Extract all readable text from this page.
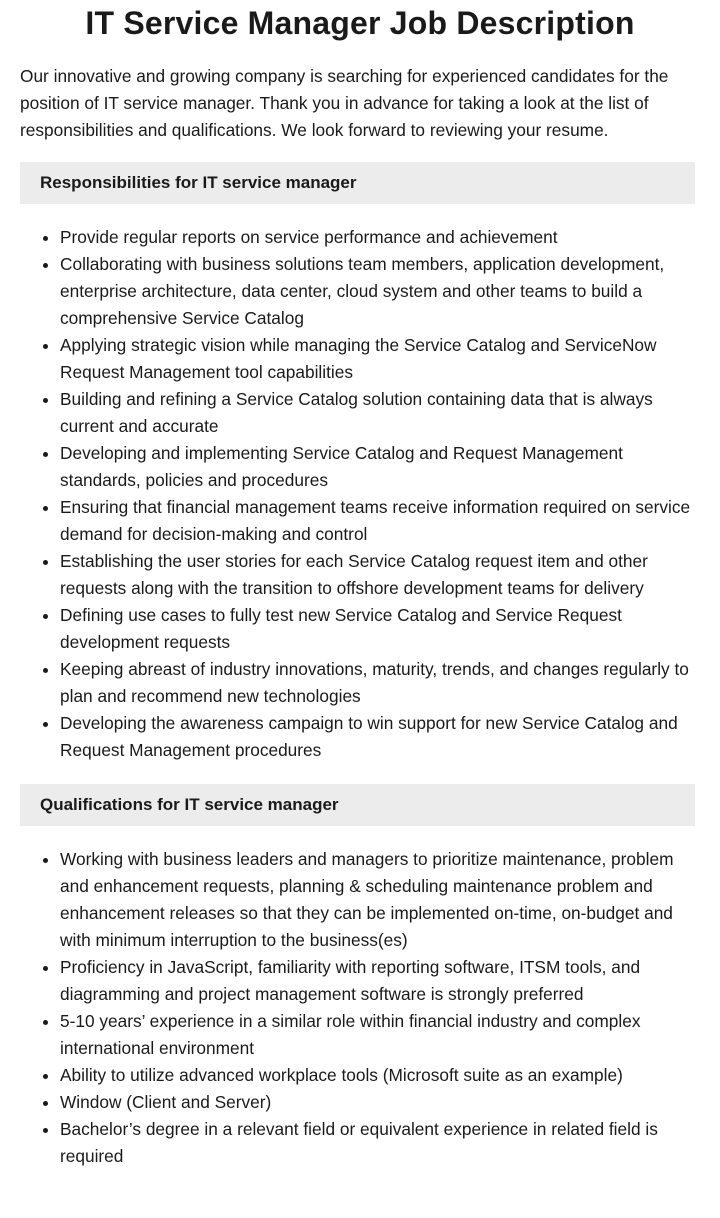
IT Service Manager Job Description

Our innovative and growing company is searching for experienced candidates for the position of IT service manager. Thank you in advance for taking a look at the list of responsibilities and qualifications. We look forward to reviewing your resume.

Responsibilities for IT service manager
• Provide regular reports on service performance and achievement
• Collaborating with business solutions team members, application development, enterprise architecture, data center, cloud system and other teams to build a comprehensive Service Catalog
• Applying strategic vision while managing the Service Catalog and ServiceNow Request Management tool capabilities
• Building and refining a Service Catalog solution containing data that is always current and accurate
• Developing and implementing Service Catalog and Request Management standards, policies and procedures
• Ensuring that financial management teams receive information required on service demand for decision-making and control
• Establishing the user stories for each Service Catalog request item and other requests along with the transition to offshore development teams for delivery
• Defining use cases to fully test new Service Catalog and Service Request development requests
• Keeping abreast of industry innovations, maturity, trends, and changes regularly to plan and recommend new technologies
• Developing the awareness campaign to win support for new Service Catalog and Request Management procedures
Qualifications for IT service manager
• Working with business leaders and managers to prioritize maintenance, problem and enhancement requests, planning & scheduling maintenance problem and enhancement releases so that they can be implemented on-time, on-budget and with minimum interruption to the business(es)
• Proficiency in JavaScript, familiarity with reporting software, ITSM tools, and diagramming and project management software is strongly preferred
• 5-10 years’ experience in a similar role within financial industry and complex international environment
• Ability to utilize advanced workplace tools (Microsoft suite as an example)
• Window (Client and Server)
• Bachelor’s degree in a relevant field or equivalent experience in related field is required
